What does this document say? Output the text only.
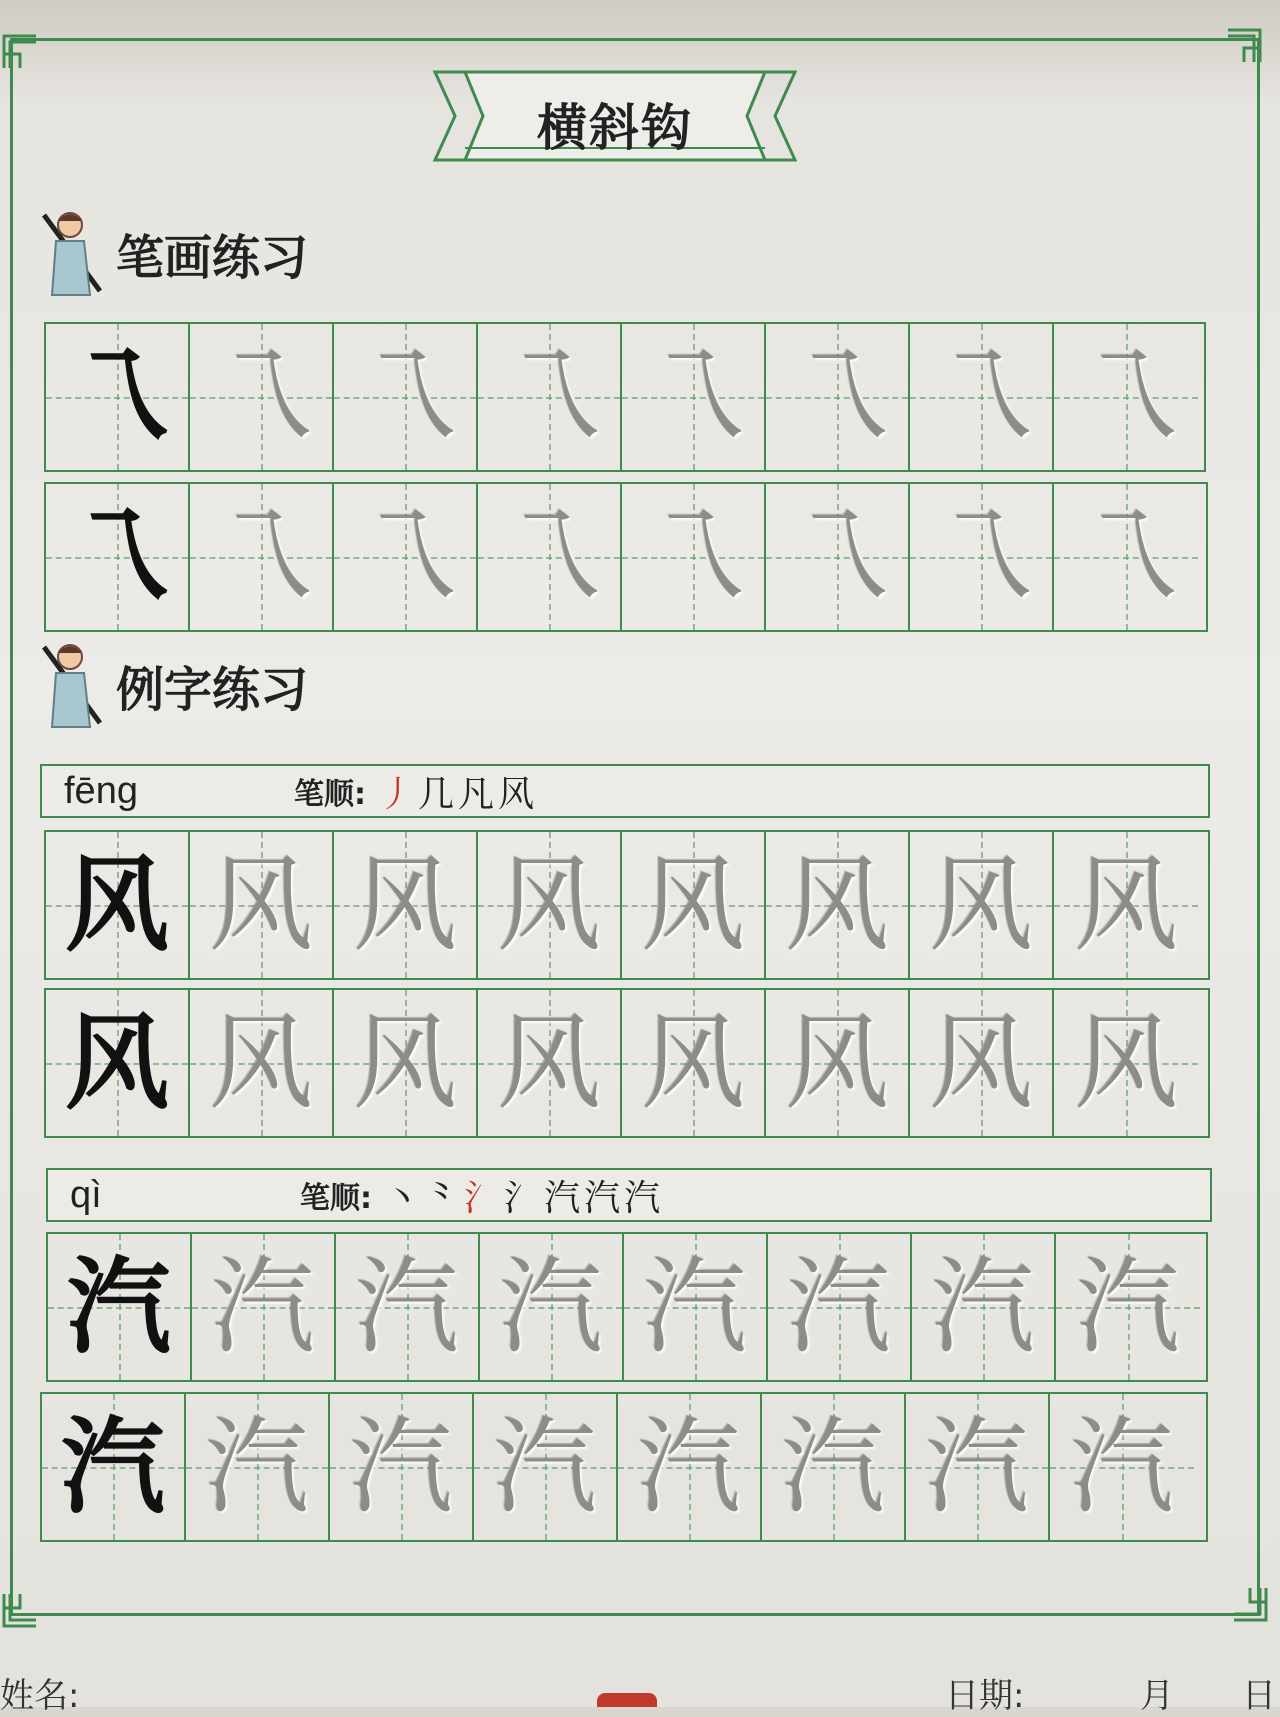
横斜钩
笔画练习
乁 乁 乁 乁 乁 乁 乁 乁
乁 乁 乁 乁 乁 乁 乁 乁
例字练习
fēng	笔顺: 丿 几 凡 风
风 风 风 风 风 风 风 风
风 风 风 风 风 风 风 风
qì	笔顺: 丶 ⺀ 氵 氵 汽 汽 汽
汽 汽 汽 汽 汽 汽 汽 汽
汽 汽 汽 汽 汽 汽 汽 汽
姓名:	日期:	月 日
